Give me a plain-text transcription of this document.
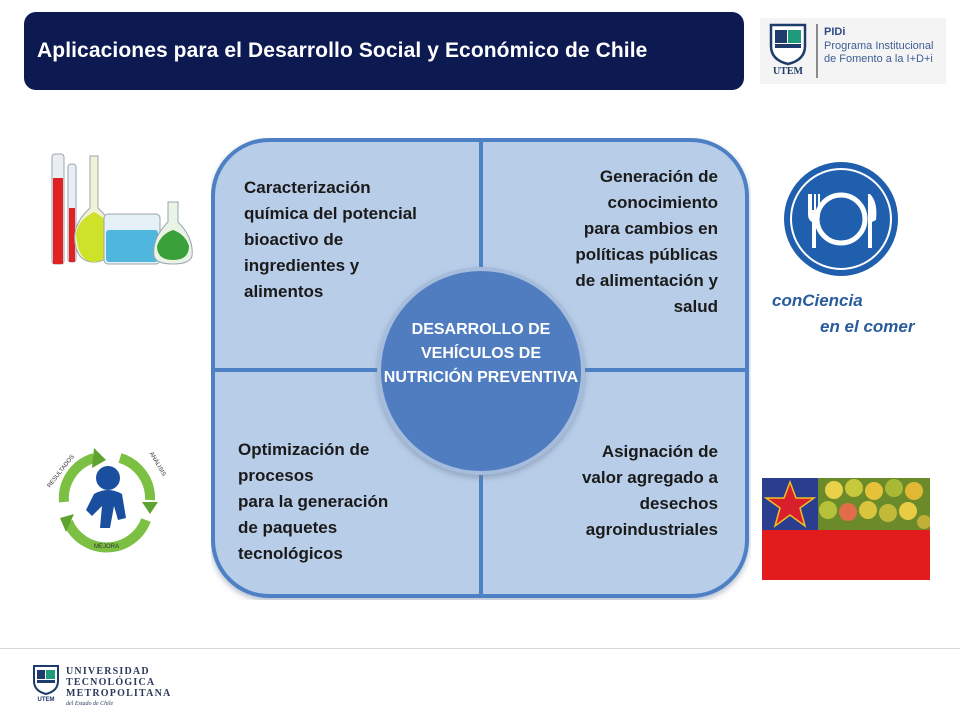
Aplicaciones para el Desarrollo Social y Económico de Chile
UTEM
PIDi
Programa Institucional de Fomento a la I+D+i
RESULTADOS	ANÁLISIS
MEJORA
conCiencia
en el comer
DESARROLLO DE VEHÍCULOS DE NUTRICIÓN PREVENTIVA
Caracterización
química del potencial
bioactivo de
ingredientes y
alimentos
Generación de
conocimiento
para cambios en
políticas públicas
de alimentación y
salud
Optimización de
procesos
para la generación
de paquetes
tecnológicos
Asignación de
valor agregado a
desechos
agroindustriales
UTEM
UNIVERSIDAD
TECNOLÓGICA
METROPOLITANA
del Estado de Chile
